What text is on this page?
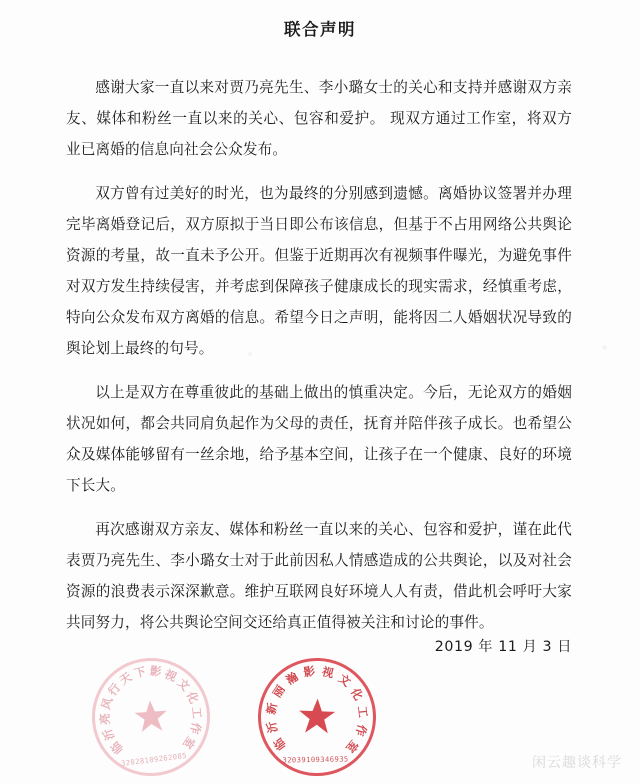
联合声明

感谢大家一直以来对贾乃亮先生、李小璐女士的关心和支持并感谢双方亲友、媒体和粉丝一直以来的关心、包容和爱护。 现双方通过工作室，将双方业已离婚的信息向社会公众发布。

双方曾有过美好的时光，也为最终的分别感到遗憾。离婚协议签署并办理完毕离婚登记后，双方原拟于当日即公布该信息，但基于不占用网络公共舆论资源的考量，故一直未予公开。但鉴于近期再次有视频事件曝光，为避免事件对双方发生持续侵害，并考虑到保障孩子健康成长的现实需求，经慎重考虑，特向公众发布双方离婚的信息。希望今日之声明，能将因二人婚姻状况导致的舆论划上最终的句号。

以上是双方在尊重彼此的基础上做出的慎重决定。今后，无论双方的婚姻状况如何，都会共同肩负起作为父母的责任，抚育并陪伴孩子成长。也希望公众及媒体能够留有一丝余地，给予基本空间，让孩子在一个健康、良好的环境下长大。

再次感谢双方亲友、媒体和粉丝一直以来的关心、包容和爱护，谨在此代表贾乃亮先生、李小璐女士对于此前因私人情感造成的公共舆论，以及对社会资源的浪费表示深深歉意。维护互联网良好环境人人有责，借此机会呼吁大家共同努力，将公共舆论空间交还给真正值得被关注和讨论的事件。

2019 年 11 月 3 日
临
沂
亮
风
行
天
下 影 视
文
化
工
作
室
32028109262085
临
沂
新
丽
瀚 影 视 文
化
工
作
室
32039109346935	闲云趣谈科学
